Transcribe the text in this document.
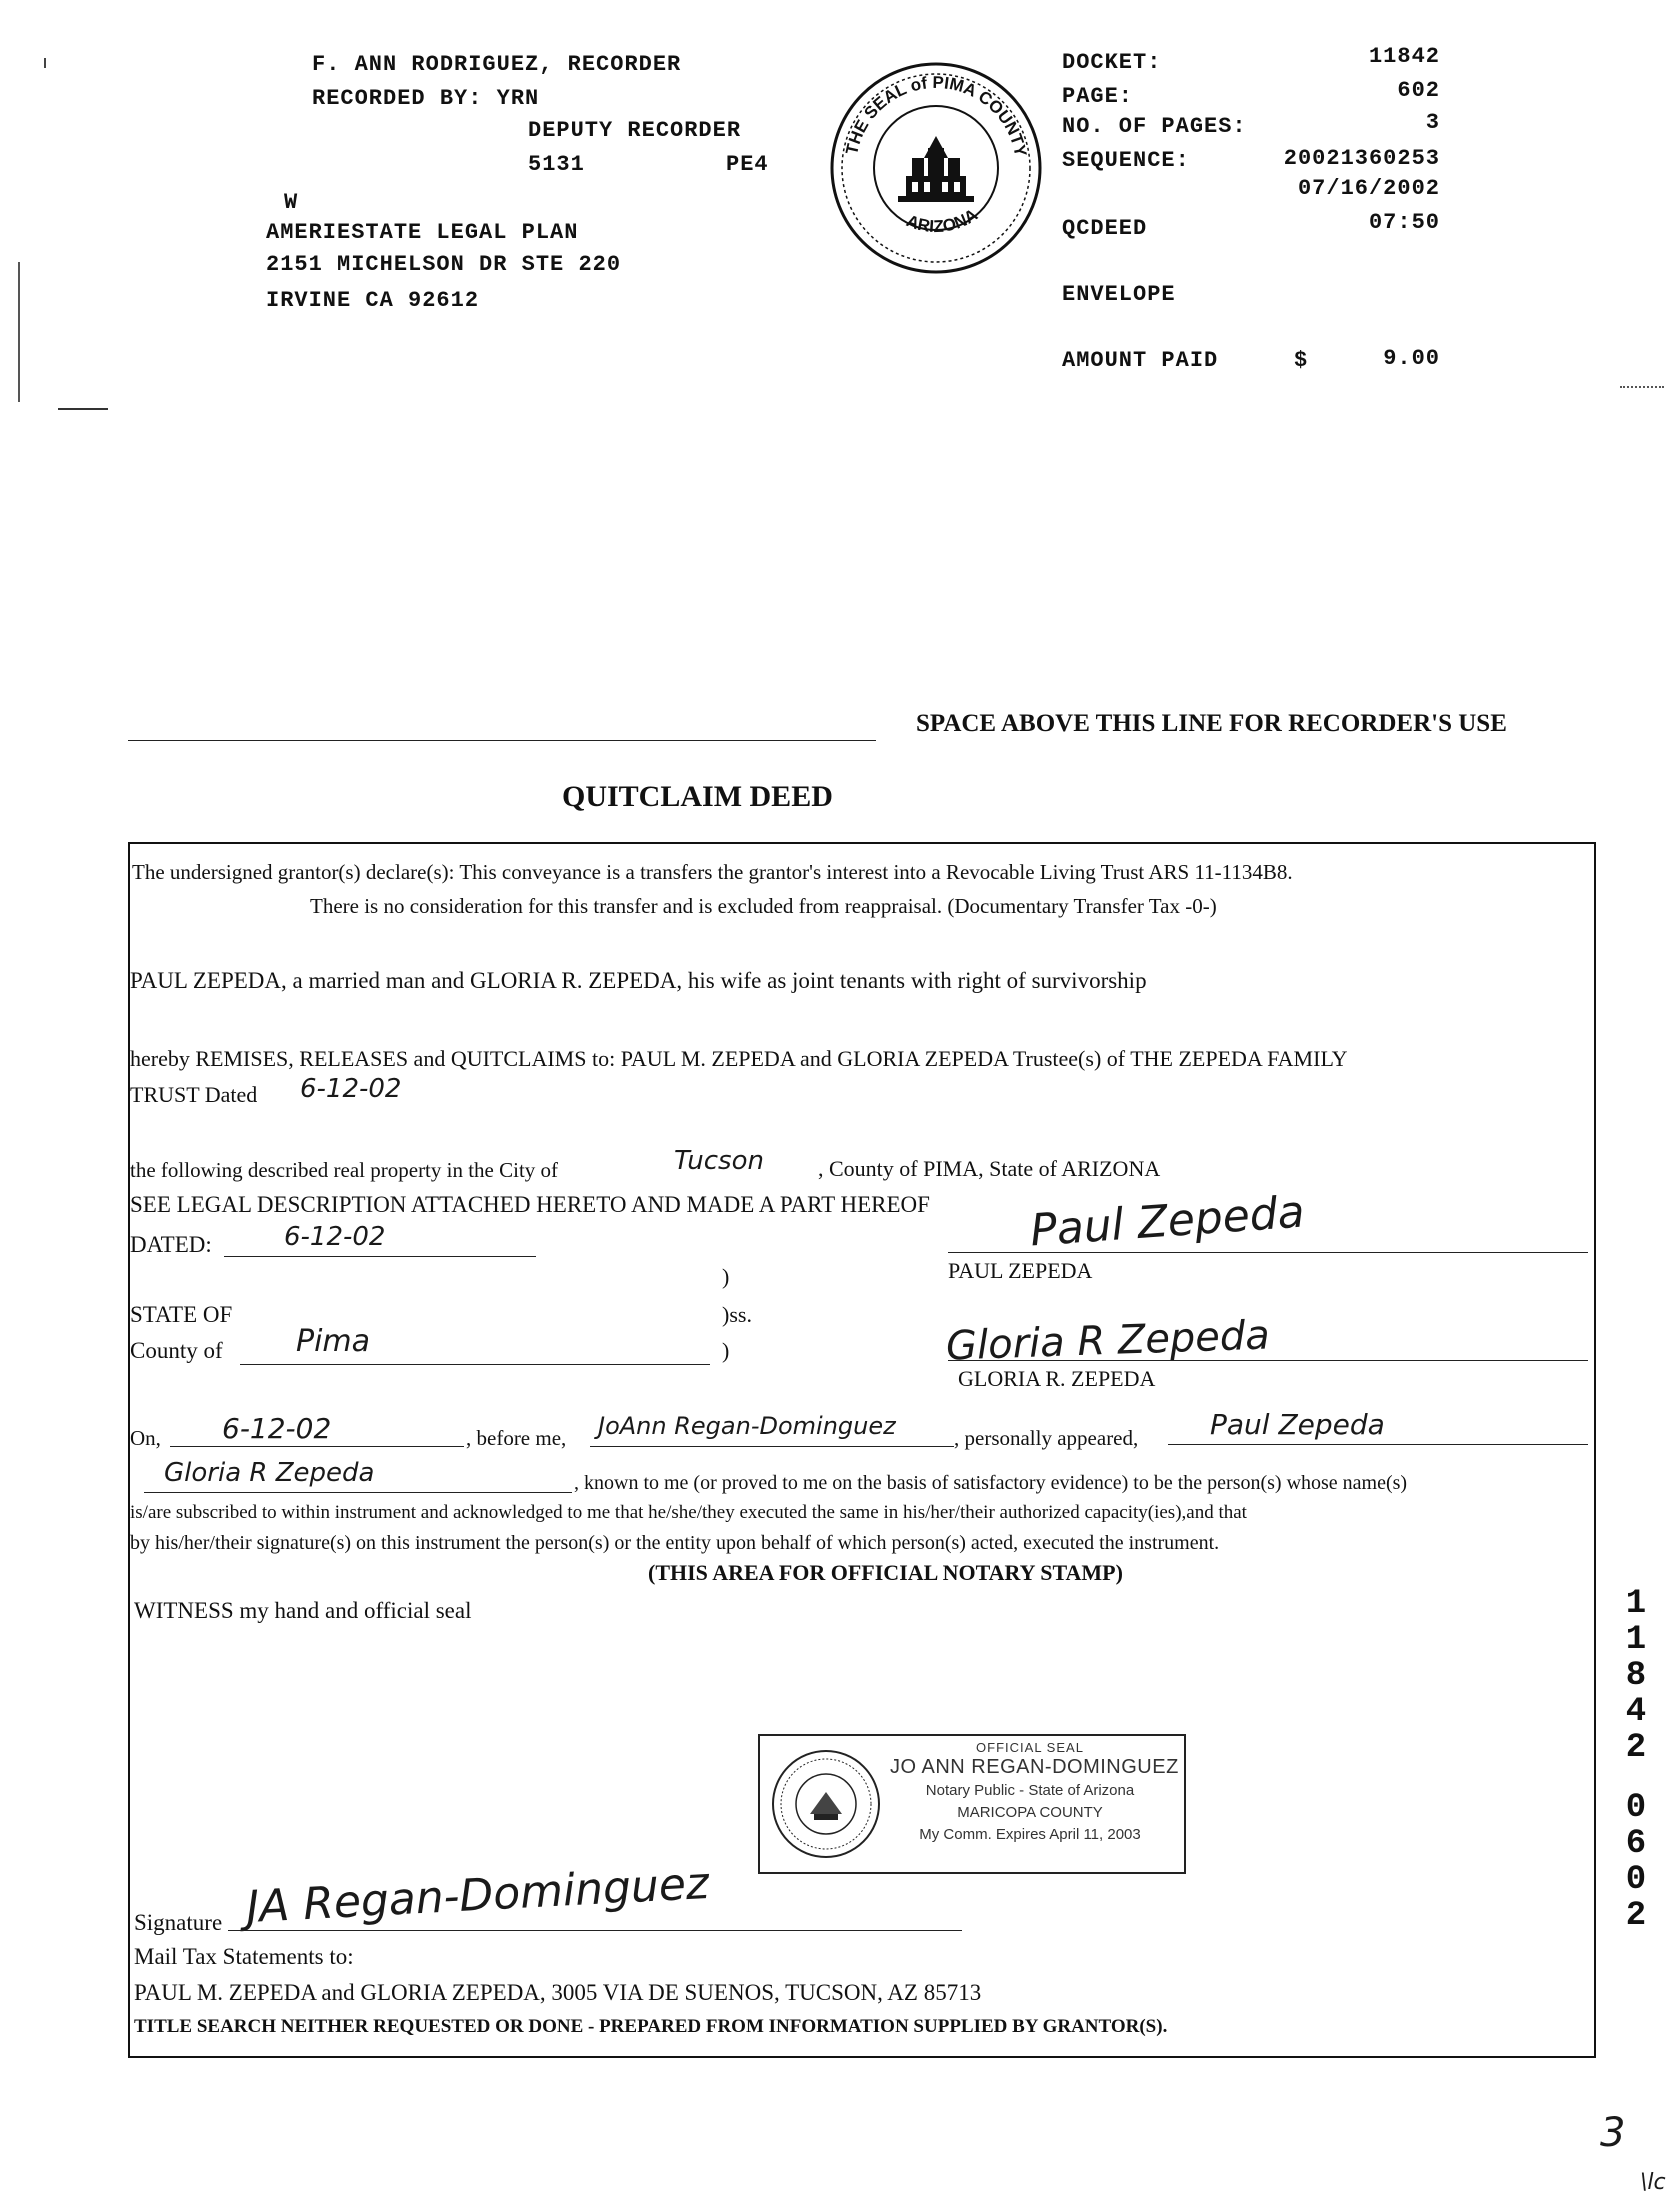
F. ANN RODRIGUEZ, RECORDER
RECORDED BY: YRN
DEPUTY RECORDER
5131	PE4
W
AMERIESTATE LEGAL PLAN
2151 MICHELSON DR STE 220
IRVINE CA 92612
THE SEAL of PIMA COUNTY
ARIZONA
DOCKET:	11842
PAGE:	602
NO. OF PAGES:	3
SEQUENCE:	20021360253
07/16/2002
QCDEED	07:50
ENVELOPE
AMOUNT PAID	$	9.00
SPACE ABOVE THIS LINE FOR RECORDER'S USE
QUITCLAIM DEED
The undersigned grantor(s) declare(s): This conveyance is a transfers the grantor's interest into a Revocable Living Trust ARS 11-1134B8.
There is no consideration for this transfer and is excluded from reappraisal. (Documentary Transfer Tax -0-)
PAUL ZEPEDA, a married man and GLORIA R. ZEPEDA, his wife as joint tenants with right of survivorship
hereby REMISES, RELEASES and QUITCLAIMS to: PAUL M. ZEPEDA and GLORIA ZEPEDA Trustee(s) of THE ZEPEDA FAMILY
TRUST Dated 6-12-02
the following described real property in the City of	Tucson , County of PIMA, State of ARIZONA
SEE LEGAL DESCRIPTION ATTACHED HERETO AND MADE A PART HEREOF
DATED:	6-12-02	Paul Zepeda
PAUL ZEPEDA
)
STATE OF	)ss.
County of Pima	)	Gloria R Zepeda
GLORIA R. ZEPEDA
On, 6-12-02	, before me, JoAnn Regan-Dominguez	, personally appeared,	Paul Zepeda
Gloria R Zepeda	, known to me (or proved to me on the basis of satisfactory evidence) to be the person(s) whose name(s)
is/are subscribed to within instrument and acknowledged to me that he/she/they executed the same in his/her/their authorized capacity(ies),and that
by his/her/their signature(s) on this instrument the person(s) or the entity upon behalf of which person(s) acted, executed the instrument.
(THIS AREA FOR OFFICIAL NOTARY STAMP)
WITNESS my hand and official seal
OFFICIAL SEAL
JO ANN REGAN-DOMINGUEZ
Notary Public - State of Arizona
MARICOPA COUNTY
My Comm. Expires April 11, 2003
Signature JA Regan-Dominguez
Mail Tax Statements to:
PAUL M. ZEPEDA and GLORIA ZEPEDA, 3005 VIA DE SUENOS, TUCSON, AZ 85713
TITLE SEARCH NEITHER REQUESTED OR DONE - PREPARED FROM INFORMATION SUPPLIED BY GRANTOR(S).
1
1
8
4
2
0
6
0
2
3
\lc
